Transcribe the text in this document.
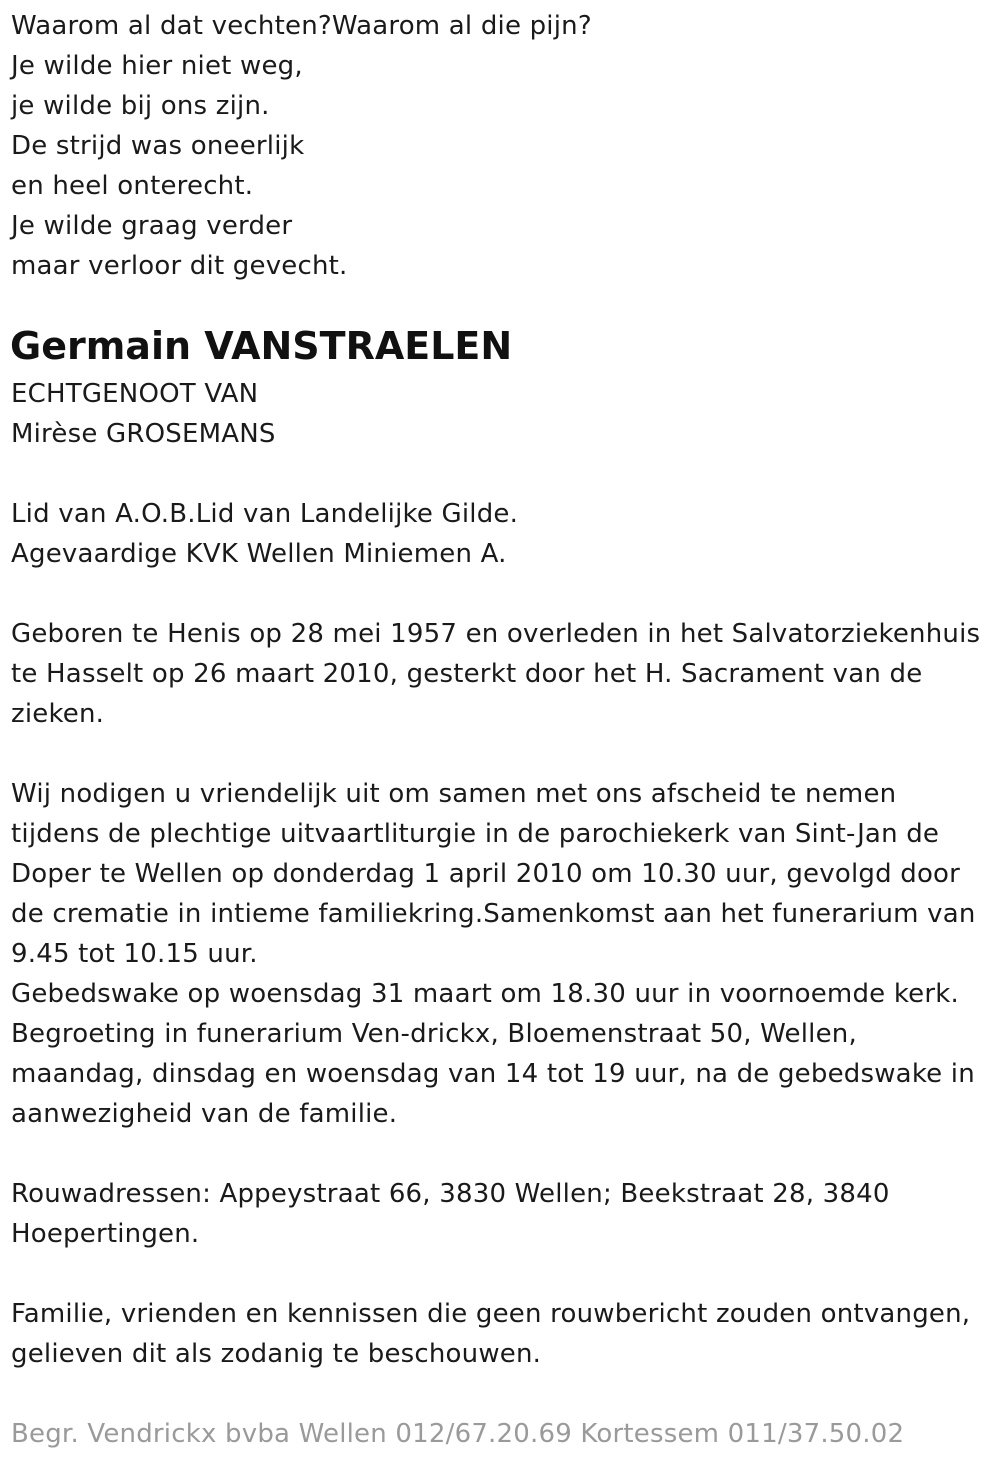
Waarom al dat vechten?Waarom al die pijn?
Je wilde hier niet weg,
je wilde bij ons zijn.
De strijd was oneerlijk
en heel onterecht.
Je wilde graag verder
maar verloor dit gevecht.
Germain VANSTRAELEN
ECHTGENOOT VAN
Mirèse GROSEMANS
Lid van A.O.B.Lid van Landelijke Gilde.
Agevaardige KVK Wellen Miniemen A.
Geboren te Henis op 28 mei 1957 en overleden in het Salvatorziekenhuis
te Hasselt op 26 maart 2010, gesterkt door het H. Sacrament van de
zieken.
Wij nodigen u vriendelijk uit om samen met ons afscheid te nemen
tijdens de plechtige uitvaartliturgie in de parochiekerk van Sint-Jan de
Doper te Wellen op donderdag 1 april 2010 om 10.30 uur, gevolgd door
de crematie in intieme familiekring.Samenkomst aan het funerarium van
9.45 tot 10.15 uur.
Gebedswake op woensdag 31 maart om 18.30 uur in voornoemde kerk.
Begroeting in funerarium Ven-drickx, Bloemenstraat 50, Wellen,
maandag, dinsdag en woensdag van 14 tot 19 uur, na de gebedswake in
aanwezigheid van de familie.
Rouwadressen: Appeystraat 66, 3830 Wellen; Beekstraat 28, 3840
Hoepertingen.
Familie, vrienden en kennissen die geen rouwbericht zouden ontvangen,
gelieven dit als zodanig te beschouwen.
Begr. Vendrickx bvba Wellen 012/67.20.69 Kortessem 011/37.50.02
